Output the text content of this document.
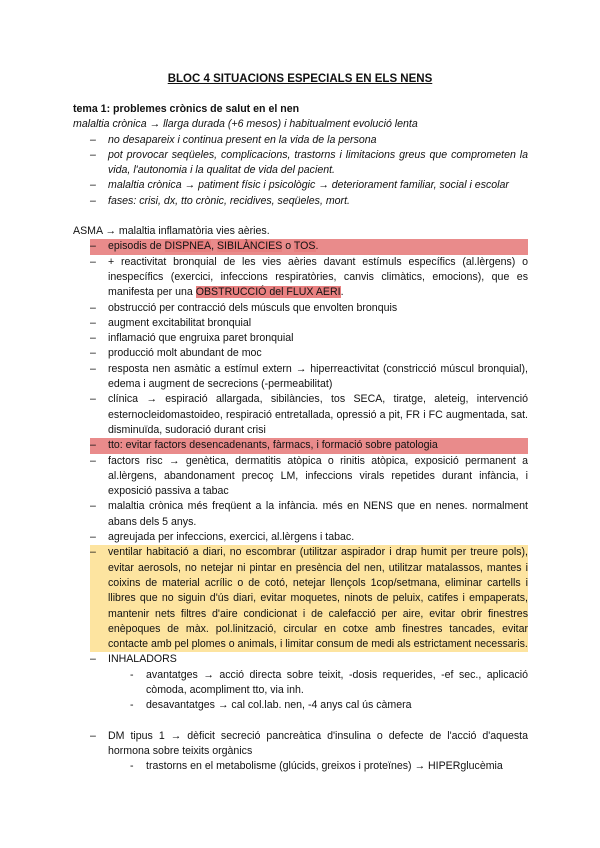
BLOC 4 SITUACIONS ESPECIALS EN ELS NENS
tema 1: problemes crònics de salut en el nen
malaltia crònica → llarga durada (+6 mesos) i habitualment evolució lenta
– no desapareix i continua present en la vida de la persona
– pot provocar seqüeles, complicacions, trastorns i limitacions greus que comprometen la vida, l'autonomia i la qualitat de vida del pacient.
– malaltia crònica → patiment físic i psicològic → deteriorament familiar, social i escolar
– fases: crisi, dx, tto crònic, recidives, seqüeles, mort.
ASMA → malaltia inflamatòria vies aèries.
– episodis de DISPNEA, SIBILÀNCIES o TOS.
– + reactivitat bronquial de les vies aèries davant estímuls específics (al.lèrgens) o inespecífics (exercici, infeccions respiratòries, canvis climàtics, emocions), que es manifesta per una OBSTRUCCIÓ del FLUX AERI.
– obstrucció per contracció dels músculs que envolten bronquis
– augment excitabilitat bronquial
– inflamació que engruixa paret bronquial
– producció molt abundant de moc
– resposta nen asmàtic a estímul extern → hiperreactivitat (constricció múscul bronquial), edema i augment de secrecions (-permeabilitat)
– clínica → espiració allargada, sibilàncies, tos SECA, tiratge, aleteig, intervenció esternocleidomastoideo, respiració entretallada, opressió a pit, FR i FC augmentada, sat. disminuïda, sudoració durant crisi
– tto: evitar factors desencadenants, fàrmacs, i formació sobre patologia
– factors risc → genètica, dermatitis atòpica o rinitis atòpica, exposició permanent a al.lèrgens, abandonament precoç LM, infeccions virals repetides durant infància, i exposició passiva a tabac
– malaltia crònica més freqüent a la infància. més en NENS que en nenes. normalment abans dels 5 anys.
– agreujada per infeccions, exercici, al.lèrgens i tabac.
– ventilar habitació a diari, no escombrar (utilitzar aspirador i drap humit per treure pols), evitar aerosols, no netejar ni pintar en presència del nen, utilitzar matalassos, mantes i coixins de material acrílic o de cotó, netejar llençols 1cop/setmana, eliminar cartells i llibres que no siguin d'ús diari, evitar moquetes, ninots de peluix, catifes i empaperats, mantenir nets filtres d'aire condicionat i de calefacció per aire, evitar obrir finestres enèpoques de màx. pol.linització, circular en cotxe amb finestres tancades, evitar contacte amb pel plomes o animals, i limitar consum de medi als estrictament necessaris.
– INHALADORS
- avantatges → acció directa sobre teixit, -dosis requerides, -ef sec., aplicació còmoda, acompliment tto, via inh.
- desavantatges → cal col.lab. nen, -4 anys cal ús càmera
– DM tipus 1 → dèficit secreció pancreàtica d'insulina o defecte de l'acció d'aquesta hormona sobre teixits orgànics
- trastorns en el metabolisme (glúcids, greixos i proteïnes) → HIPERglucèmia
